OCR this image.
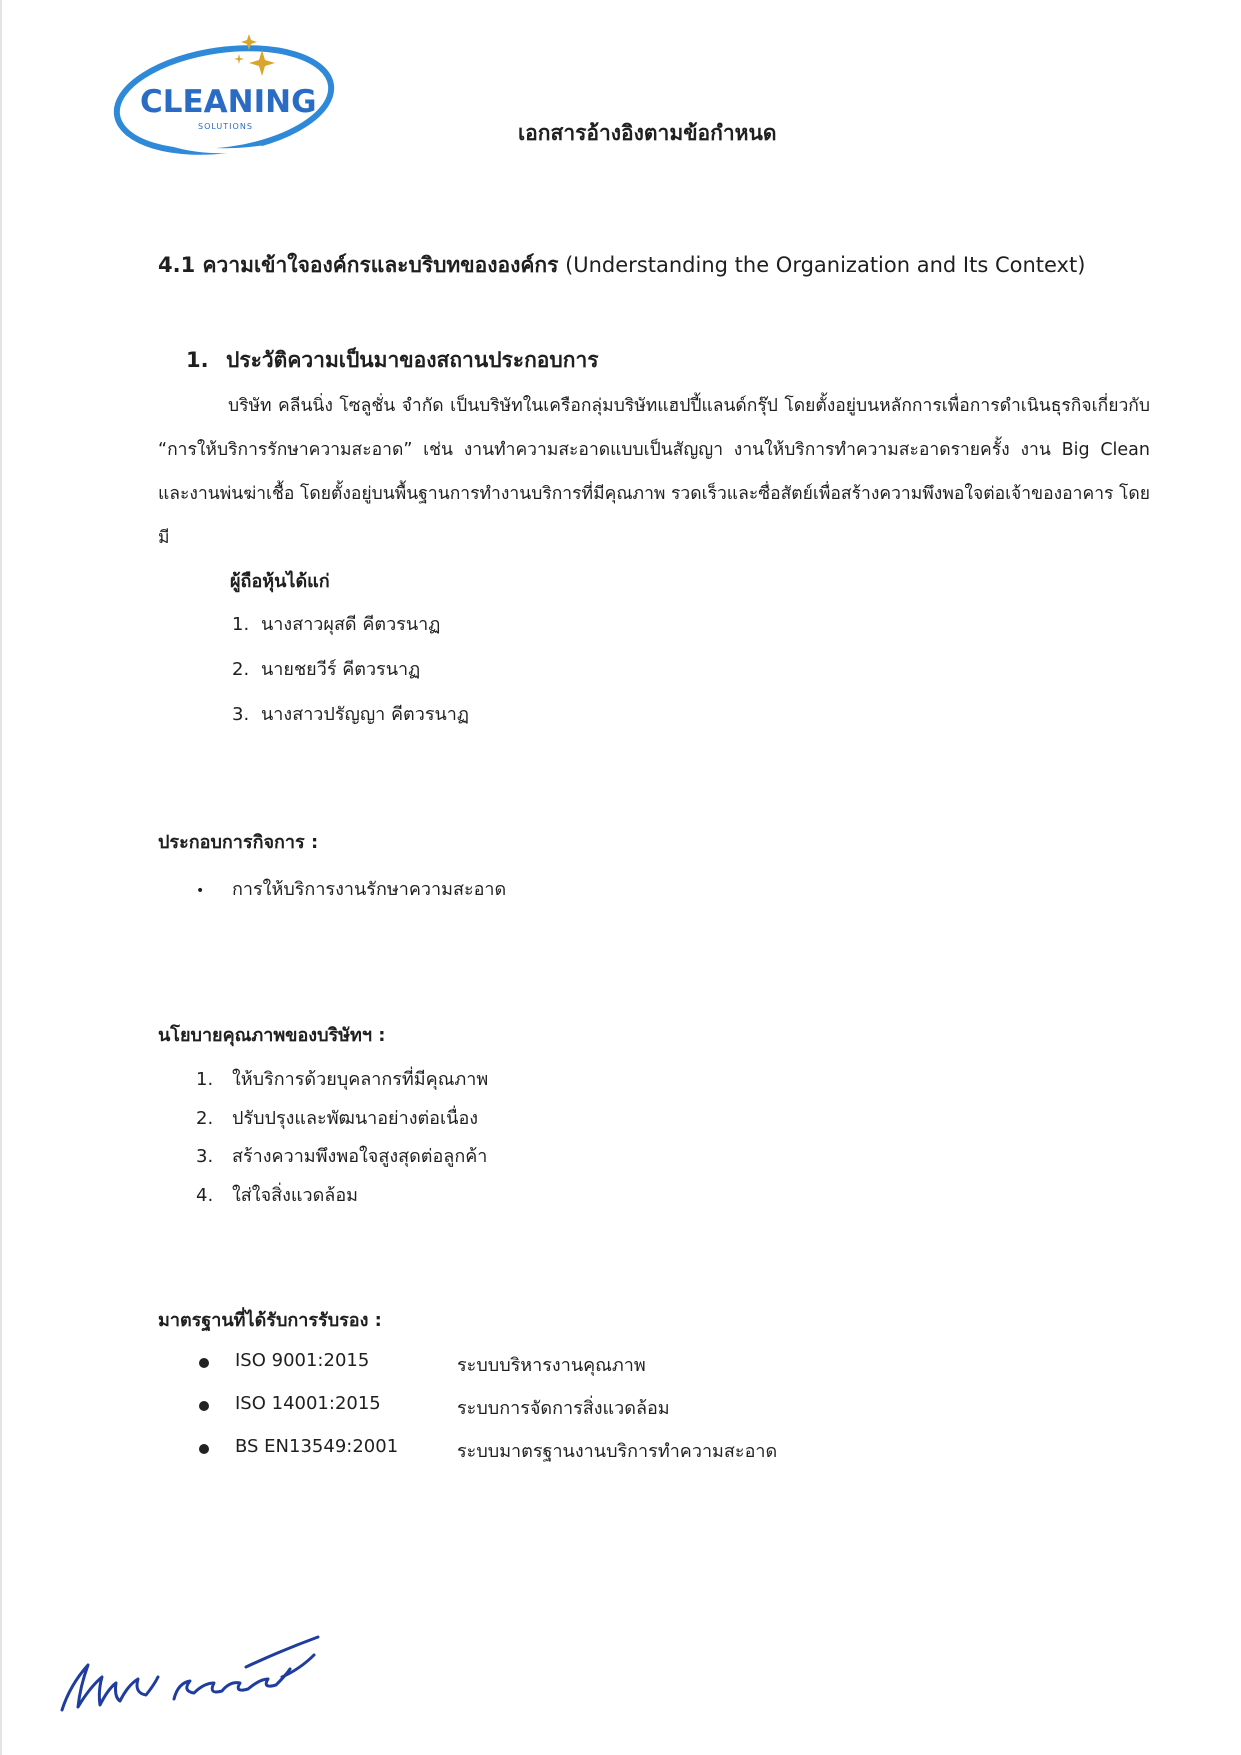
CLEANING
SOLUTIONS	เอกสารอ้างอิงตามข้อกำหนด
4.1 ความเข้าใจองค์กรและบริบทขององค์กร (Understanding the Organization and Its Context)
1. ประวัติความเป็นมาของสถานประกอบการ
บริษัท คลีนนิ่ง โซลูชั่น จำกัด เป็นบริษัทในเครือกลุ่มบริษัทแฮปปี้แลนด์กรุ๊ป โดยตั้งอยู่บนหลักการเพื่อการดำเนินธุรกิจเกี่ยวกับ “การให้บริการรักษาความสะอาด” เช่น งานทำความสะอาดแบบเป็นสัญญา งานให้บริการทำความสะอาดรายครั้ง งาน Big Clean และงานพ่นฆ่าเชื้อ โดยตั้งอยู่บนพื้นฐานการทำงานบริการที่มีคุณภาพ รวดเร็วและซื่อสัตย์เพื่อสร้างความพึงพอใจต่อเจ้าของอาคาร โดยมี
ผู้ถือหุ้นได้แก่
1. นางสาวผุสดี คีตวรนาฏ
2. นายชยวีร์ คีตวรนาฏ
3. นางสาวปรัญญา คีตวรนาฏ
ประกอบการกิจการ :
• การให้บริการงานรักษาความสะอาด
นโยบายคุณภาพของบริษัทฯ :
1. ให้บริการด้วยบุคลากรที่มีคุณภาพ
2. ปรับปรุงและพัฒนาอย่างต่อเนื่อง
3. สร้างความพึงพอใจสูงสุดต่อลูกค้า
4. ใส่ใจสิ่งแวดล้อม
มาตรฐานที่ได้รับการรับรอง :
ISO 9001:2015	ระบบบริหารงานคุณภาพ
ISO 14001:2015	ระบบการจัดการสิ่งแวดล้อม
BS EN13549:2001	ระบบมาตรฐานงานบริการทำความสะอาด
